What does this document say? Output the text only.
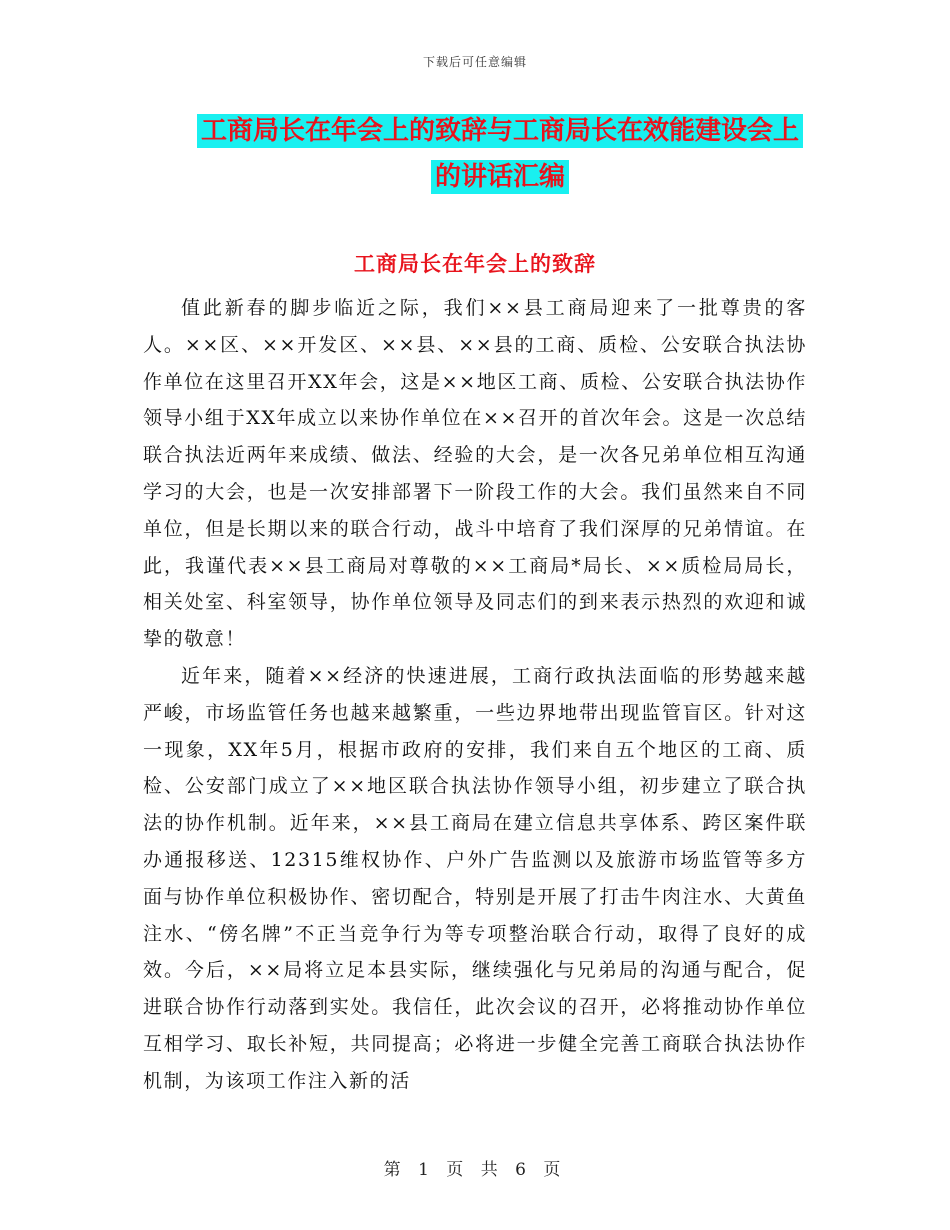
下载后可任意编辑
工商局长在年会上的致辞与工商局长在效能建设会上
的讲话汇编
工商局长在年会上的致辞

值此新春的脚步临近之际，我们××县工商局迎来了一批尊贵的客人。××区、××开发区、××县、××县的工商、质检、公安联合执法协作单位在这里召开XX年会，这是××地区工商、质检、公安联合执法协作领导小组于XX年成立以来协作单位在××召开的首次年会。这是一次总结联合执法近两年来成绩、做法、经验的大会，是一次各兄弟单位相互沟通学习的大会，也是一次安排部署下一阶段工作的大会。我们虽然来自不同单位，但是长期以来的联合行动，战斗中培育了我们深厚的兄弟情谊。在此，我谨代表××县工商局对尊敬的××工商局*局长、××质检局局长，相关处室、科室领导，协作单位领导及同志们的到来表示热烈的欢迎和诚挚的敬意！

近年来，随着××经济的快速进展，工商行政执法面临的形势越来越严峻，市场监管任务也越来越繁重，一些边界地带出现监管盲区。针对这一现象，XX年5月，根据市政府的安排，我们来自五个地区的工商、质检、公安部门成立了××地区联合执法协作领导小组，初步建立了联合执法的协作机制。近年来，××县工商局在建立信息共享体系、跨区案件联办通报移送、12315维权协作、户外广告监测以及旅游市场监管等多方面与协作单位积极协作、密切配合，特别是开展了打击牛肉注水、大黄鱼注水、“傍名牌”不正当竞争行为等专项整治联合行动，取得了良好的成效。今后，××局将立足本县实际，继续强化与兄弟局的沟通与配合，促进联合协作行动落到实处。我信任，此次会议的召开，必将推动协作单位互相学习、取长补短，共同提高；必将进一步健全完善工商联合执法协作机制，为该项工作注入新的活

第 1 页 共 6 页
